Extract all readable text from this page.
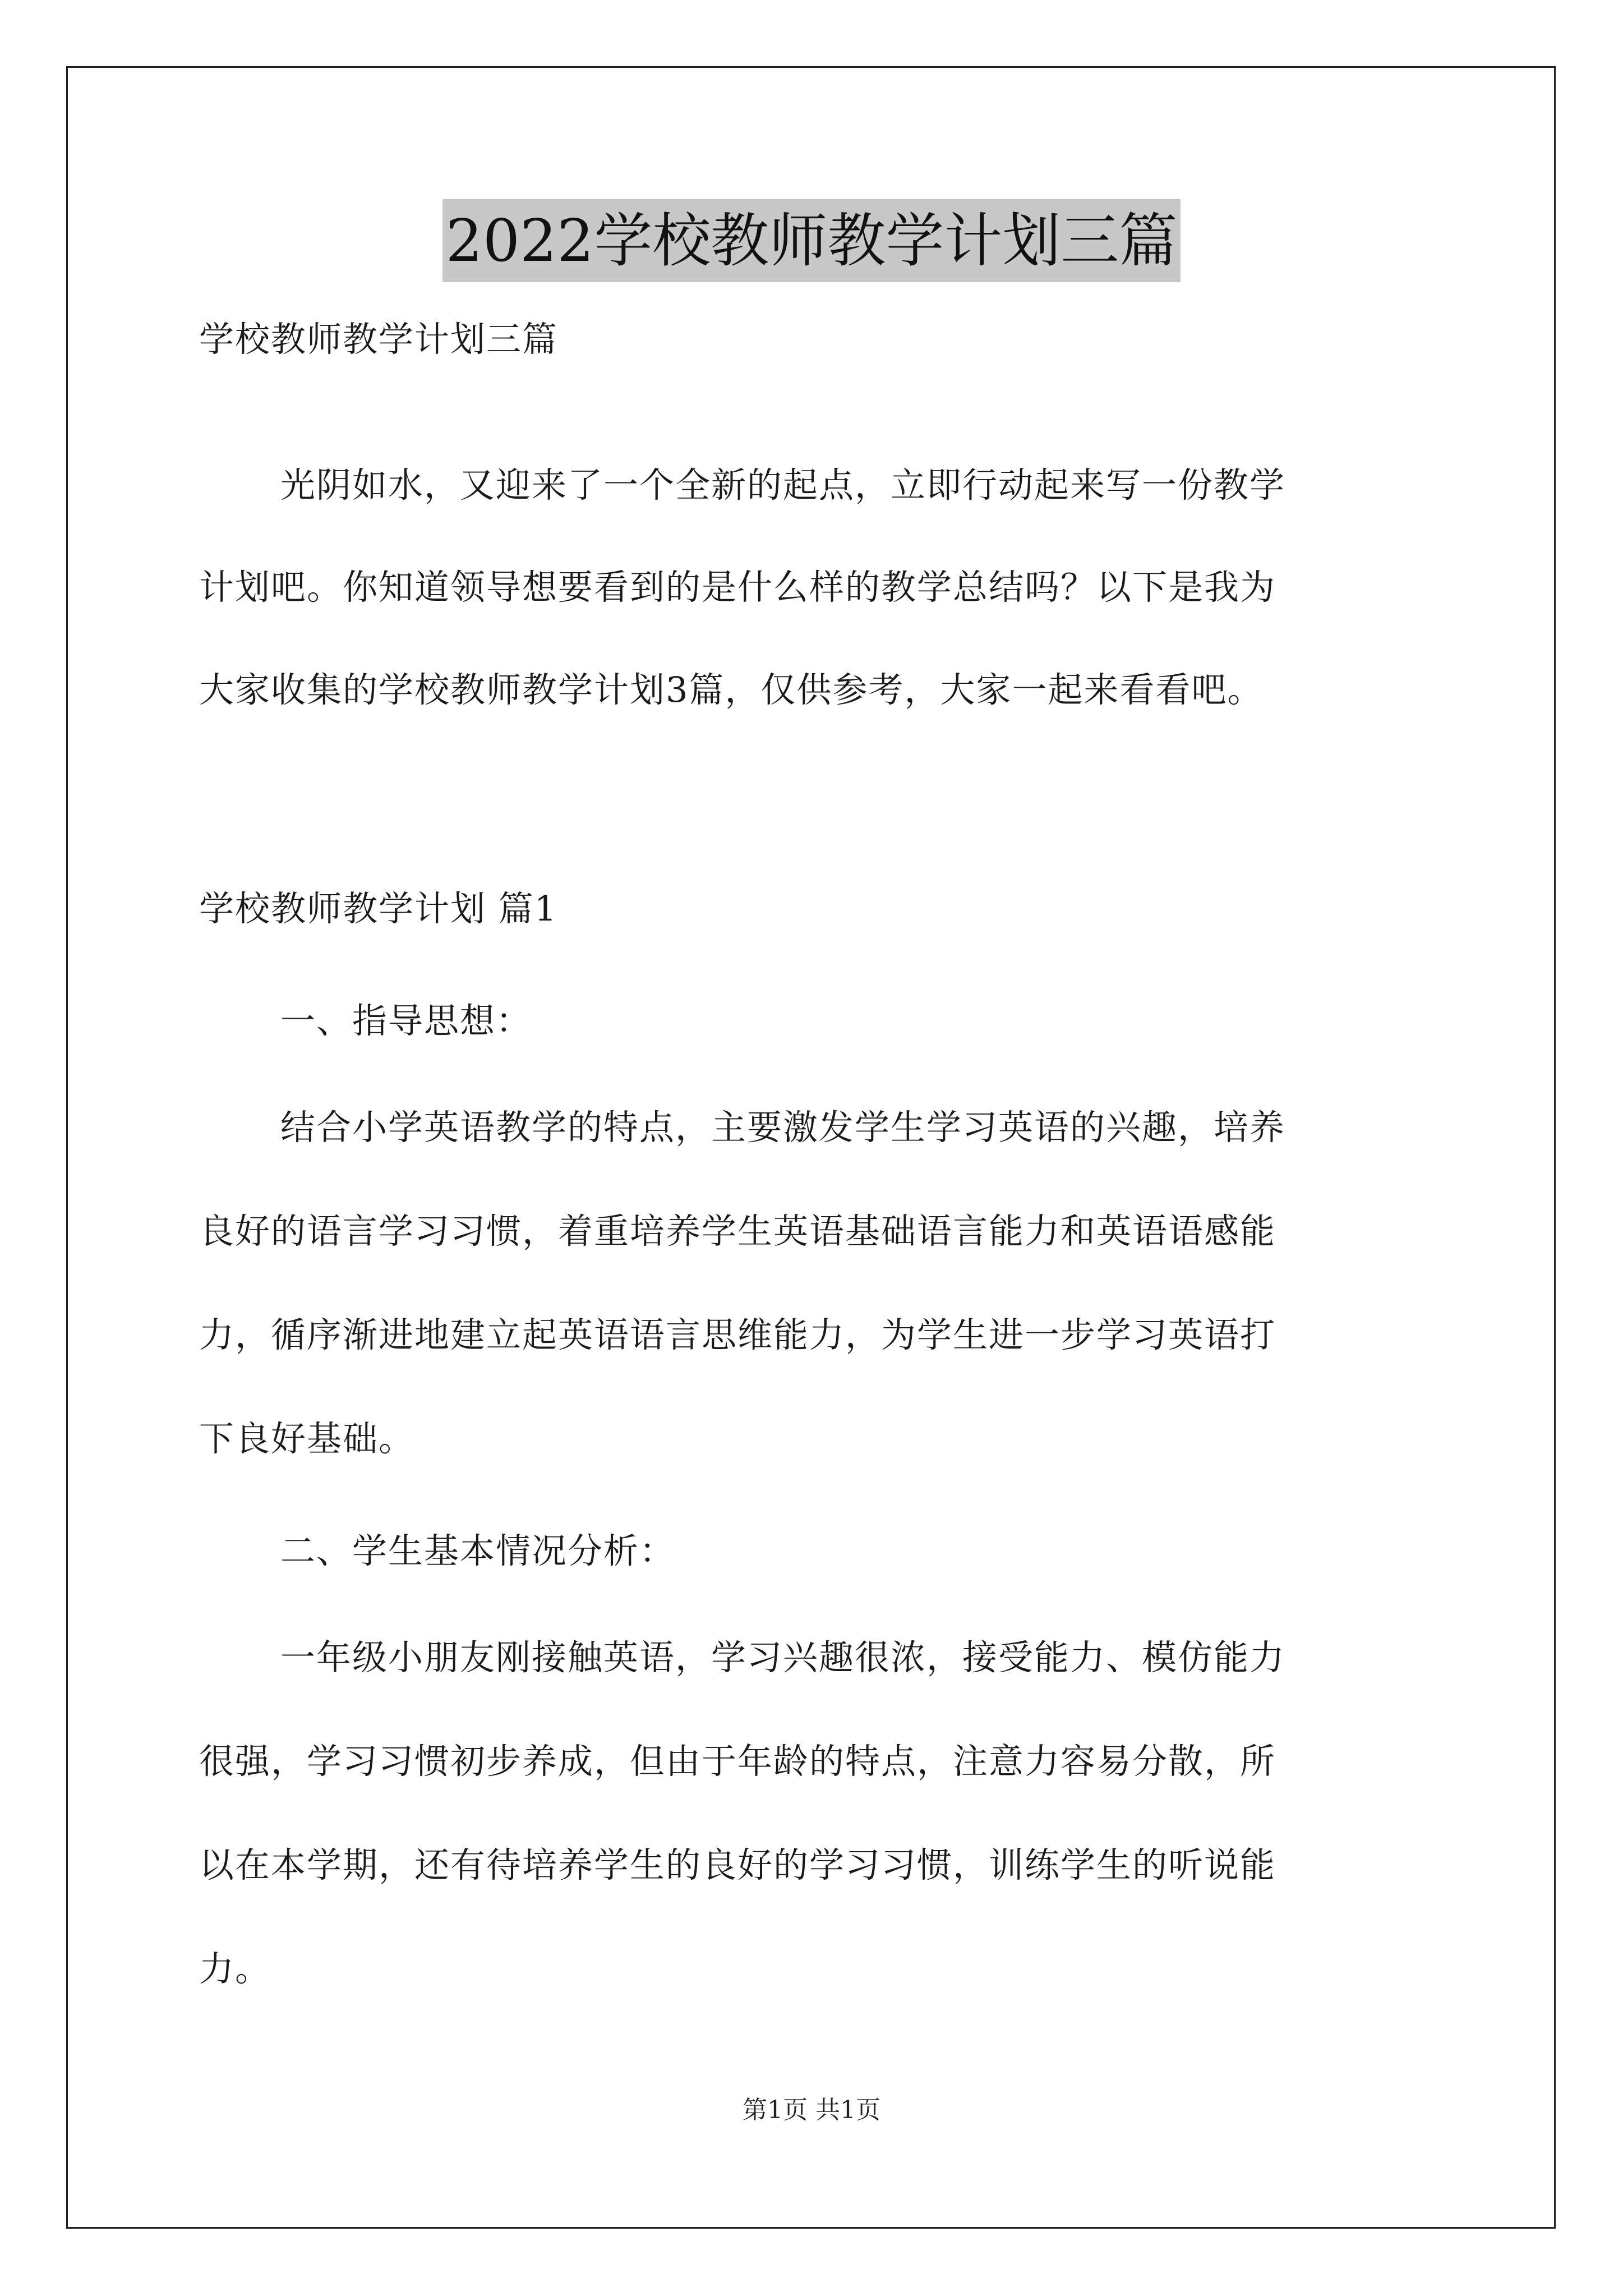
2022学校教师教学计划三篇
学校教师教学计划三篇
光阴如水，又迎来了一个全新的起点，立即行动起来写一份教学
计划吧。你知道领导想要看到的是什么样的教学总结吗？以下是我为
大家收集的学校教师教学计划3篇，仅供参考，大家一起来看看吧。
学校教师教学计划 篇1
一、指导思想：
结合小学英语教学的特点，主要激发学生学习英语的兴趣，培养
良好的语言学习习惯，着重培养学生英语基础语言能力和英语语感能
力，循序渐进地建立起英语语言思维能力，为学生进一步学习英语打
下良好基础。
二、学生基本情况分析：
一年级小朋友刚接触英语，学习兴趣很浓，接受能力、模仿能力
很强，学习习惯初步养成，但由于年龄的特点，注意力容易分散，所
以在本学期，还有待培养学生的良好的学习习惯，训练学生的听说能
力。
第1页 共1页
